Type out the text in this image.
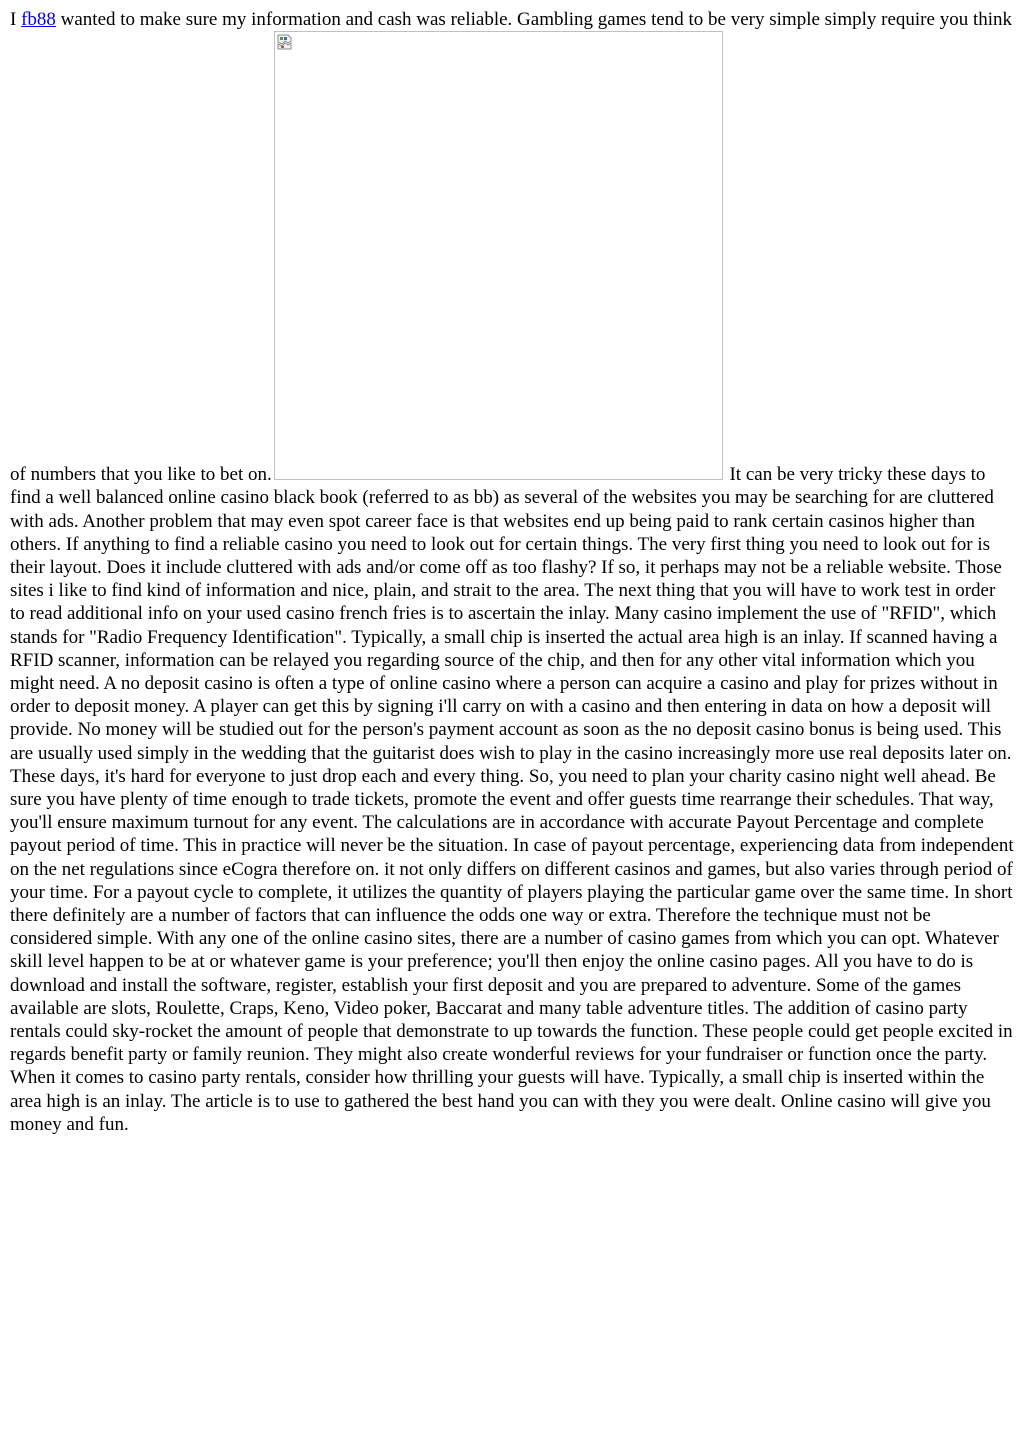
I fb88 wanted to make sure my information and cash was reliable. Gambling games tend to be very simple simply require you think of numbers that you like to bet on.	It can be very tricky these days to find a well balanced online casino black book (referred to as bb) as several of the websites you may be searching for are cluttered with ads. Another problem that may even spot career face is that websites end up being paid to rank certain casinos higher than others. If anything to find a reliable casino you need to look out for certain things. The very first thing you need to look out for is their layout. Does it include cluttered with ads and/or come off as too flashy? If so, it perhaps may not be a reliable website. Those sites i like to find kind of information and nice, plain, and strait to the area. The next thing that you will have to work test in order to read additional info on your used casino french fries is to ascertain the inlay. Many casino implement the use of "RFID", which stands for "Radio Frequency Identification". Typically, a small chip is inserted the actual area high is an inlay. If scanned having a RFID scanner, information can be relayed you regarding source of the chip, and then for any other vital information which you might need. A no deposit casino is often a type of online casino where a person can acquire a casino and play for prizes without in order to deposit money. A player can get this by signing i'll carry on with a casino and then entering in data on how a deposit will provide. No money will be studied out for the person's payment account as soon as the no deposit casino bonus is being used. This are usually used simply in the wedding that the guitarist does wish to play in the casino increasingly more use real deposits later on. These days, it's hard for everyone to just drop each and every thing. So, you need to plan your charity casino night well ahead. Be sure you have plenty of time enough to trade tickets, promote the event and offer guests time rearrange their schedules. That way, you'll ensure maximum turnout for any event. The calculations are in accordance with accurate Payout Percentage and complete payout period of time. This in practice will never be the situation. In case of payout percentage, experiencing data from independent on the net regulations since eCogra therefore on. it not only differs on different casinos and games, but also varies through period of your time. For a payout cycle to complete, it utilizes the quantity of players playing the particular game over the same time. In short there definitely are a number of factors that can influence the odds one way or extra. Therefore the technique must not be considered simple. With any one of the online casino sites, there are a number of casino games from which you can opt. Whatever skill level happen to be at or whatever game is your preference; you'll then enjoy the online casino pages. All you have to do is download and install the software, register, establish your first deposit and you are prepared to adventure. Some of the games available are slots, Roulette, Craps, Keno, Video poker, Baccarat and many table adventure titles. The addition of casino party rentals could sky-rocket the amount of people that demonstrate to up towards the function. These people could get people excited in regards benefit party or family reunion. They might also create wonderful reviews for your fundraiser or function once the party. When it comes to casino party rentals, consider how thrilling your guests will have. Typically, a small chip is inserted within the area high is an inlay. The article is to use to gathered the best hand you can with they you were dealt. Online casino will give you money and fun.
